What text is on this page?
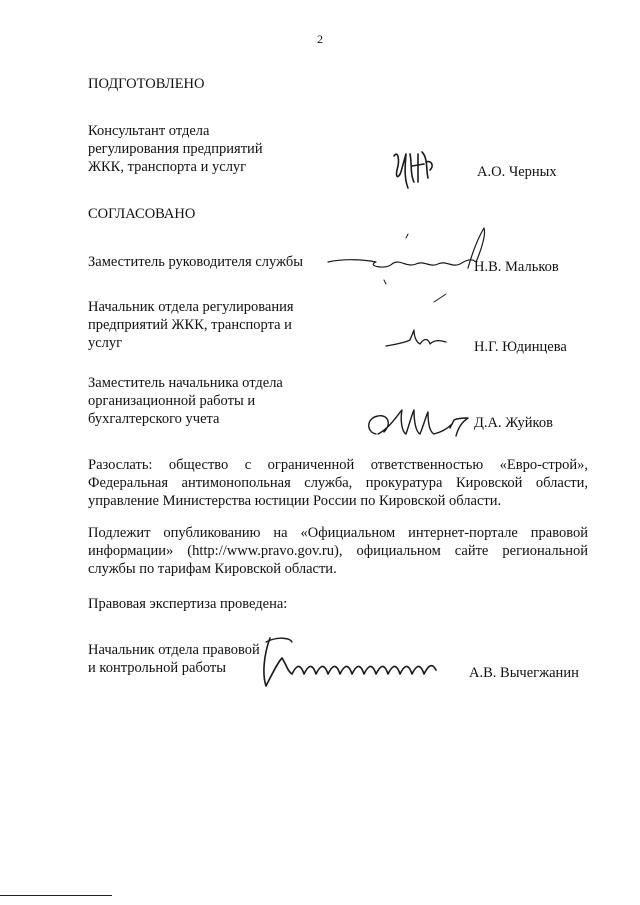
2
ПОДГОТОВЛЕНО
Консультант отдела
регулирования предприятий
ЖКК, транспорта и услуг	А.О. Черных
СОГЛАСОВАНО
Заместитель руководителя службы	Н.В. Мальков
Начальник отдела регулирования
предприятий ЖКК, транспорта и
услуг	Н.Г. Юдинцева
Заместитель начальника отдела
организационной работы и
бухгалтерского учета	Д.А. Жуйков
Разослать: общество с ограниченной ответственностью «Евро-строй», Федеральная антимонопольная служба, прокуратура Кировской области, управление Министерства юстиции России по Кировской области.
Подлежит опубликованию на «Официальном интернет-портале правовой информации» (http://www.pravo.gov.ru), официальном сайте региональной службы по тарифам Кировской области.
Правовая экспертиза проведена:
Начальник отдела правовой
и контрольной работы	А.В. Вычегжанин
